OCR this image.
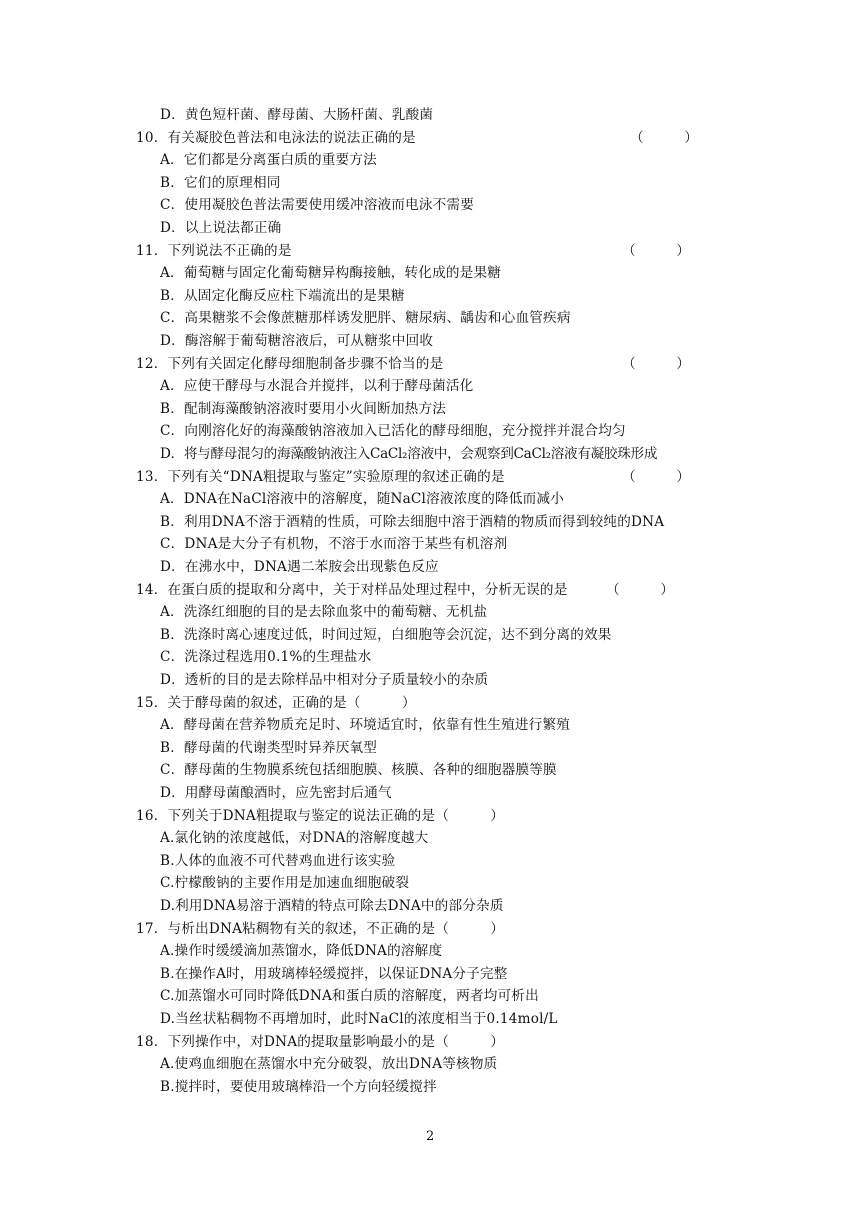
D．黄色短杆菌、酵母菌、大肠杆菌、乳酸菌
10．有关凝胶色普法和电泳法的说法正确的是	（　　　）
A．它们都是分离蛋白质的重要方法
B．它们的原理相同
C．使用凝胶色普法需要使用缓冲溶液而电泳不需要
D．以上说法都正确
11．下列说法不正确的是	（　　　）
A．葡萄糖与固定化葡萄糖异构酶接触，转化成的是果糖
B．从固定化酶反应柱下端流出的是果糖
C．高果糖浆不会像蔗糖那样诱发肥胖、糖尿病、龋齿和心血管疾病
D．酶溶解于葡萄糖溶液后，可从糖浆中回收
12．下列有关固定化酵母细胞制备步骤不恰当的是	（　　　）
A．应使干酵母与水混合并搅拌，以利于酵母菌活化
B．配制海藻酸钠溶液时要用小火间断加热方法
C．向刚溶化好的海藻酸钠溶液加入已活化的酵母细胞，充分搅拌并混合均匀
D．将与酵母混匀的海藻酸钠液注入CaCl₂溶液中，会观察到CaCl₂溶液有凝胶珠形成
13．下列有关“DNA粗提取与鉴定”实验原理的叙述正确的是	（　　　）
A．DNA在NaCl溶液中的溶解度，随NaCl溶液浓度的降低而减小
B．利用DNA不溶于酒精的性质，可除去细胞中溶于酒精的物质而得到较纯的DNA
C．DNA是大分子有机物，不溶于水而溶于某些有机溶剂
D．在沸水中，DNA遇二苯胺会出现紫色反应
14．在蛋白质的提取和分离中，关于对样品处理过程中，分析无误的是	（　　　）
A．洗涤红细胞的目的是去除血浆中的葡萄糖、无机盐
B．洗涤时离心速度过低，时间过短，白细胞等会沉淀，达不到分离的效果
C．洗涤过程选用0.1%的生理盐水
D．透析的目的是去除样品中相对分子质量较小的杂质
15．关于酵母菌的叙述，正确的是（　　　）
A．酵母菌在营养物质充足时、环境适宜时，依靠有性生殖进行繁殖
B．酵母菌的代谢类型时异养厌氧型
C．酵母菌的生物膜系统包括细胞膜、核膜、各种的细胞器膜等膜
D．用酵母菌酿酒时，应先密封后通气
16．下列关于DNA粗提取与鉴定的说法正确的是（　　　）
A.氯化钠的浓度越低，对DNA的溶解度越大
B.人体的血液不可代替鸡血进行该实验
C.柠檬酸钠的主要作用是加速血细胞破裂
D.利用DNA易溶于酒精的特点可除去DNA中的部分杂质
17．与析出DNA粘稠物有关的叙述，不正确的是（　　　）
A.操作时缓缓滴加蒸馏水，降低DNA的溶解度
B.在操作A时，用玻璃棒轻缓搅拌，以保证DNA分子完整
C.加蒸馏水可同时降低DNA和蛋白质的溶解度，两者均可析出
D.当丝状粘稠物不再增加时，此时NaCl的浓度相当于0.14mol/L
18．下列操作中，对DNA的提取量影响最小的是（　　　）
A.使鸡血细胞在蒸馏水中充分破裂，放出DNA等核物质
B.搅拌时，要使用玻璃棒沿一个方向轻缓搅拌
2
